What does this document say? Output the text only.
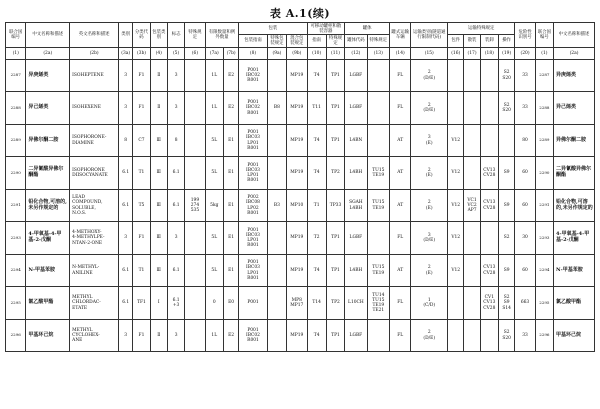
表 A.1(续)
联合国编号	中文名称和描述	英文名称和描述	类别	分类代码	包装类别	标志	特殊规定	有限数量和例外数量		包装			可移动罐柜和散装容器		罐体		罐式运输车辆	运输类别(隧道通行限制代码)	运输特殊规定				危险性识别号	联合国编号	中文名称和描述
										包装指南	特殊包装规定	混合包装规定	指南	特殊规定	罐体代码	特殊规定			包件	散装	装卸	操作			
(1)	(2a)	(2b)	(3a)	(3b)	(4)	(5)	(6)	(7a)	(7b)	(8)	(9a)	(9b)	(10)	(11)	(12)	(13)	(14)	(15)	(16)	(17)	(18)	(19)	(20)	(1)	(2a)
2287	异庚烯类	ISOHEPTENE	3	F1	Ⅱ	3		1L	E2	P001
IBC02
R001		MP19	T4	TP1	LGBF		FL	2
(D/E)				S2
S20	33	2287	异庚烯类
2288	异己烯类	ISOHEXENE	3	F1	Ⅱ	3		1L	E2	P001
IBC02
R001	B8	MP19	T11	TP1	LGBF		FL	2
(D/E)				S2
S20	33	2288	异己烯类
2289	异佛尔酮二胺	ISOPHORONE-
DIAMINE	8	C7	Ⅲ	8		5L	E1	P001
IBC03
LP01
R001		MP19	T4	TP1	L4BN		AT	3
(E)	V12				80	2289	异佛尔酮二胺
2290	二异氰酸异佛尔酮酯	ISOPHORONE
DIISOCYANATE	6.1	T1	Ⅲ	6.1		5L	E1	P001
IBC03
LP01
R001		MP19	T4	TP2	L4BH	TU15
TE19	AT	2
(E)	V12		CV13
CV28	S9	60	2290	二异氰酸异佛尔酮酯
2291	铅化合物,可溶的,未另作规定的	LEAD
COMPOUND,
SOLUBLE,
N.O.S.	6.1	T5	Ⅲ	6.1	199
274
535	5kg	E1	P002
IBC08
LP02
R001	B3	MP10	T1	TP33	SGAH
L4BH	TU15
TE19	AT	2
(E)	V12	VC1
VC2
AP7	CV13
CV28	S9	60	2291	铅化合物,可溶的,未另作规定的
2293	4-甲氧基-4-甲基-2-戊酮	4-METHOXY-
4-METHYLPE-
NTAN-2-ONE	3	F1	Ⅲ	3		5L	E1	P001
IBC03
LP01
R001		MP19	T2	TP1	LGBF		FL	3
(D/E)	V12			S2	30	2293	4-甲氧基-4-甲基-2-戊酮
2294	N-甲基苯胺	N-METHYL-
ANILINE	6.1	T1	Ⅲ	6.1		5L	E1	P001
IBC03
LP01
R001		MP19	T4	TP1	L4BH	TU15
TE19	AT	2
(E)	V12		CV13
CV28	S9	60	2294	N-甲基苯胺
2295	氯乙酸甲酯	METHYL
CHLORDAC-
ETATE	6.1	TF1	Ⅰ	6.1
+3		0	E0	P001		MP8
MP17	T14	TP2	L10CH	TU14
TU15
TE19
TE21	FL	1
(C/D)			CV1
CV13
CV28	S2
S9
S14	663	2295	氯乙酸甲酯
2296	甲基环己烷	METHYL
CYCLOHEX-
ANE	3	F1	Ⅱ	3		1L	E2	P001
IBC02
R001		MP19	T4	TP1	LGBF		FL	2
(D/E)				S2
S20	33	2296	甲基环己烷
